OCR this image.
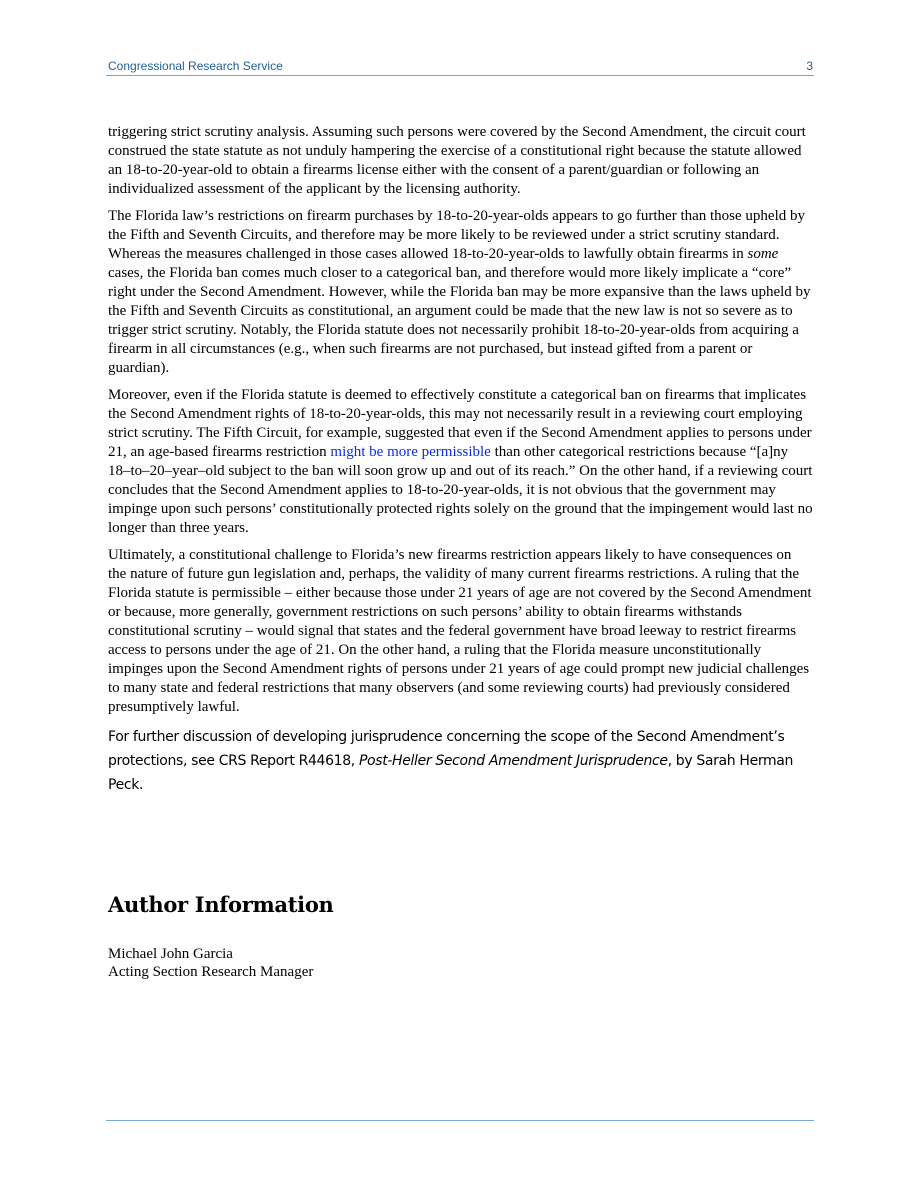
Congressional Research Service	3

triggering strict scrutiny analysis. Assuming such persons were covered by the Second Amendment, the circuit court construed the state statute as not unduly hampering the exercise of a constitutional right because the statute allowed an 18-to-20-year-old to obtain a firearms license either with the consent of a parent/guardian or following an individualized assessment of the applicant by the licensing authority.

The Florida law’s restrictions on firearm purchases by 18-to-20-year-olds appears to go further than those upheld by the Fifth and Seventh Circuits, and therefore may be more likely to be reviewed under a strict scrutiny standard. Whereas the measures challenged in those cases allowed 18-to-20-year-olds to lawfully obtain firearms in some cases, the Florida ban comes much closer to a categorical ban, and therefore would more likely implicate a “core” right under the Second Amendment. However, while the Florida ban may be more expansive than the laws upheld by the Fifth and Seventh Circuits as constitutional, an argument could be made that the new law is not so severe as to trigger strict scrutiny. Notably, the Florida statute does not necessarily prohibit 18-to-20-year-olds from acquiring a firearm in all circumstances (e.g., when such firearms are not purchased, but instead gifted from a parent or guardian).

Moreover, even if the Florida statute is deemed to effectively constitute a categorical ban on firearms that implicates the Second Amendment rights of 18-to-20-year-olds, this may not necessarily result in a reviewing court employing strict scrutiny. The Fifth Circuit, for example, suggested that even if the Second Amendment applies to persons under 21, an age-based firearms restriction might be more permissible than other categorical restrictions because “[a]ny 18–to–20–year–old subject to the ban will soon grow up and out of its reach.” On the other hand, if a reviewing court concludes that the Second Amendment applies to 18-to-20-year-olds, it is not obvious that the government may impinge upon such persons’ constitutionally protected rights solely on the ground that the impingement would last no longer than three years.

Ultimately, a constitutional challenge to Florida’s new firearms restriction appears likely to have consequences on the nature of future gun legislation and, perhaps, the validity of many current firearms restrictions. A ruling that the Florida statute is permissible – either because those under 21 years of age are not covered by the Second Amendment or because, more generally, government restrictions on such persons’ ability to obtain firearms withstands constitutional scrutiny – would signal that states and the federal government have broad leeway to restrict firearms access to persons under the age of 21. On the other hand, a ruling that the Florida measure unconstitutionally impinges upon the Second Amendment rights of persons under 21 years of age could prompt new judicial challenges to many state and federal restrictions that many observers (and some reviewing courts) had previously considered presumptively lawful.

For further discussion of developing jurisprudence concerning the scope of the Second Amendment’s protections, see CRS Report R44618, Post-Heller Second Amendment Jurisprudence, by Sarah Herman Peck.

Author Information
Michael John Garcia
Acting Section Research Manager
